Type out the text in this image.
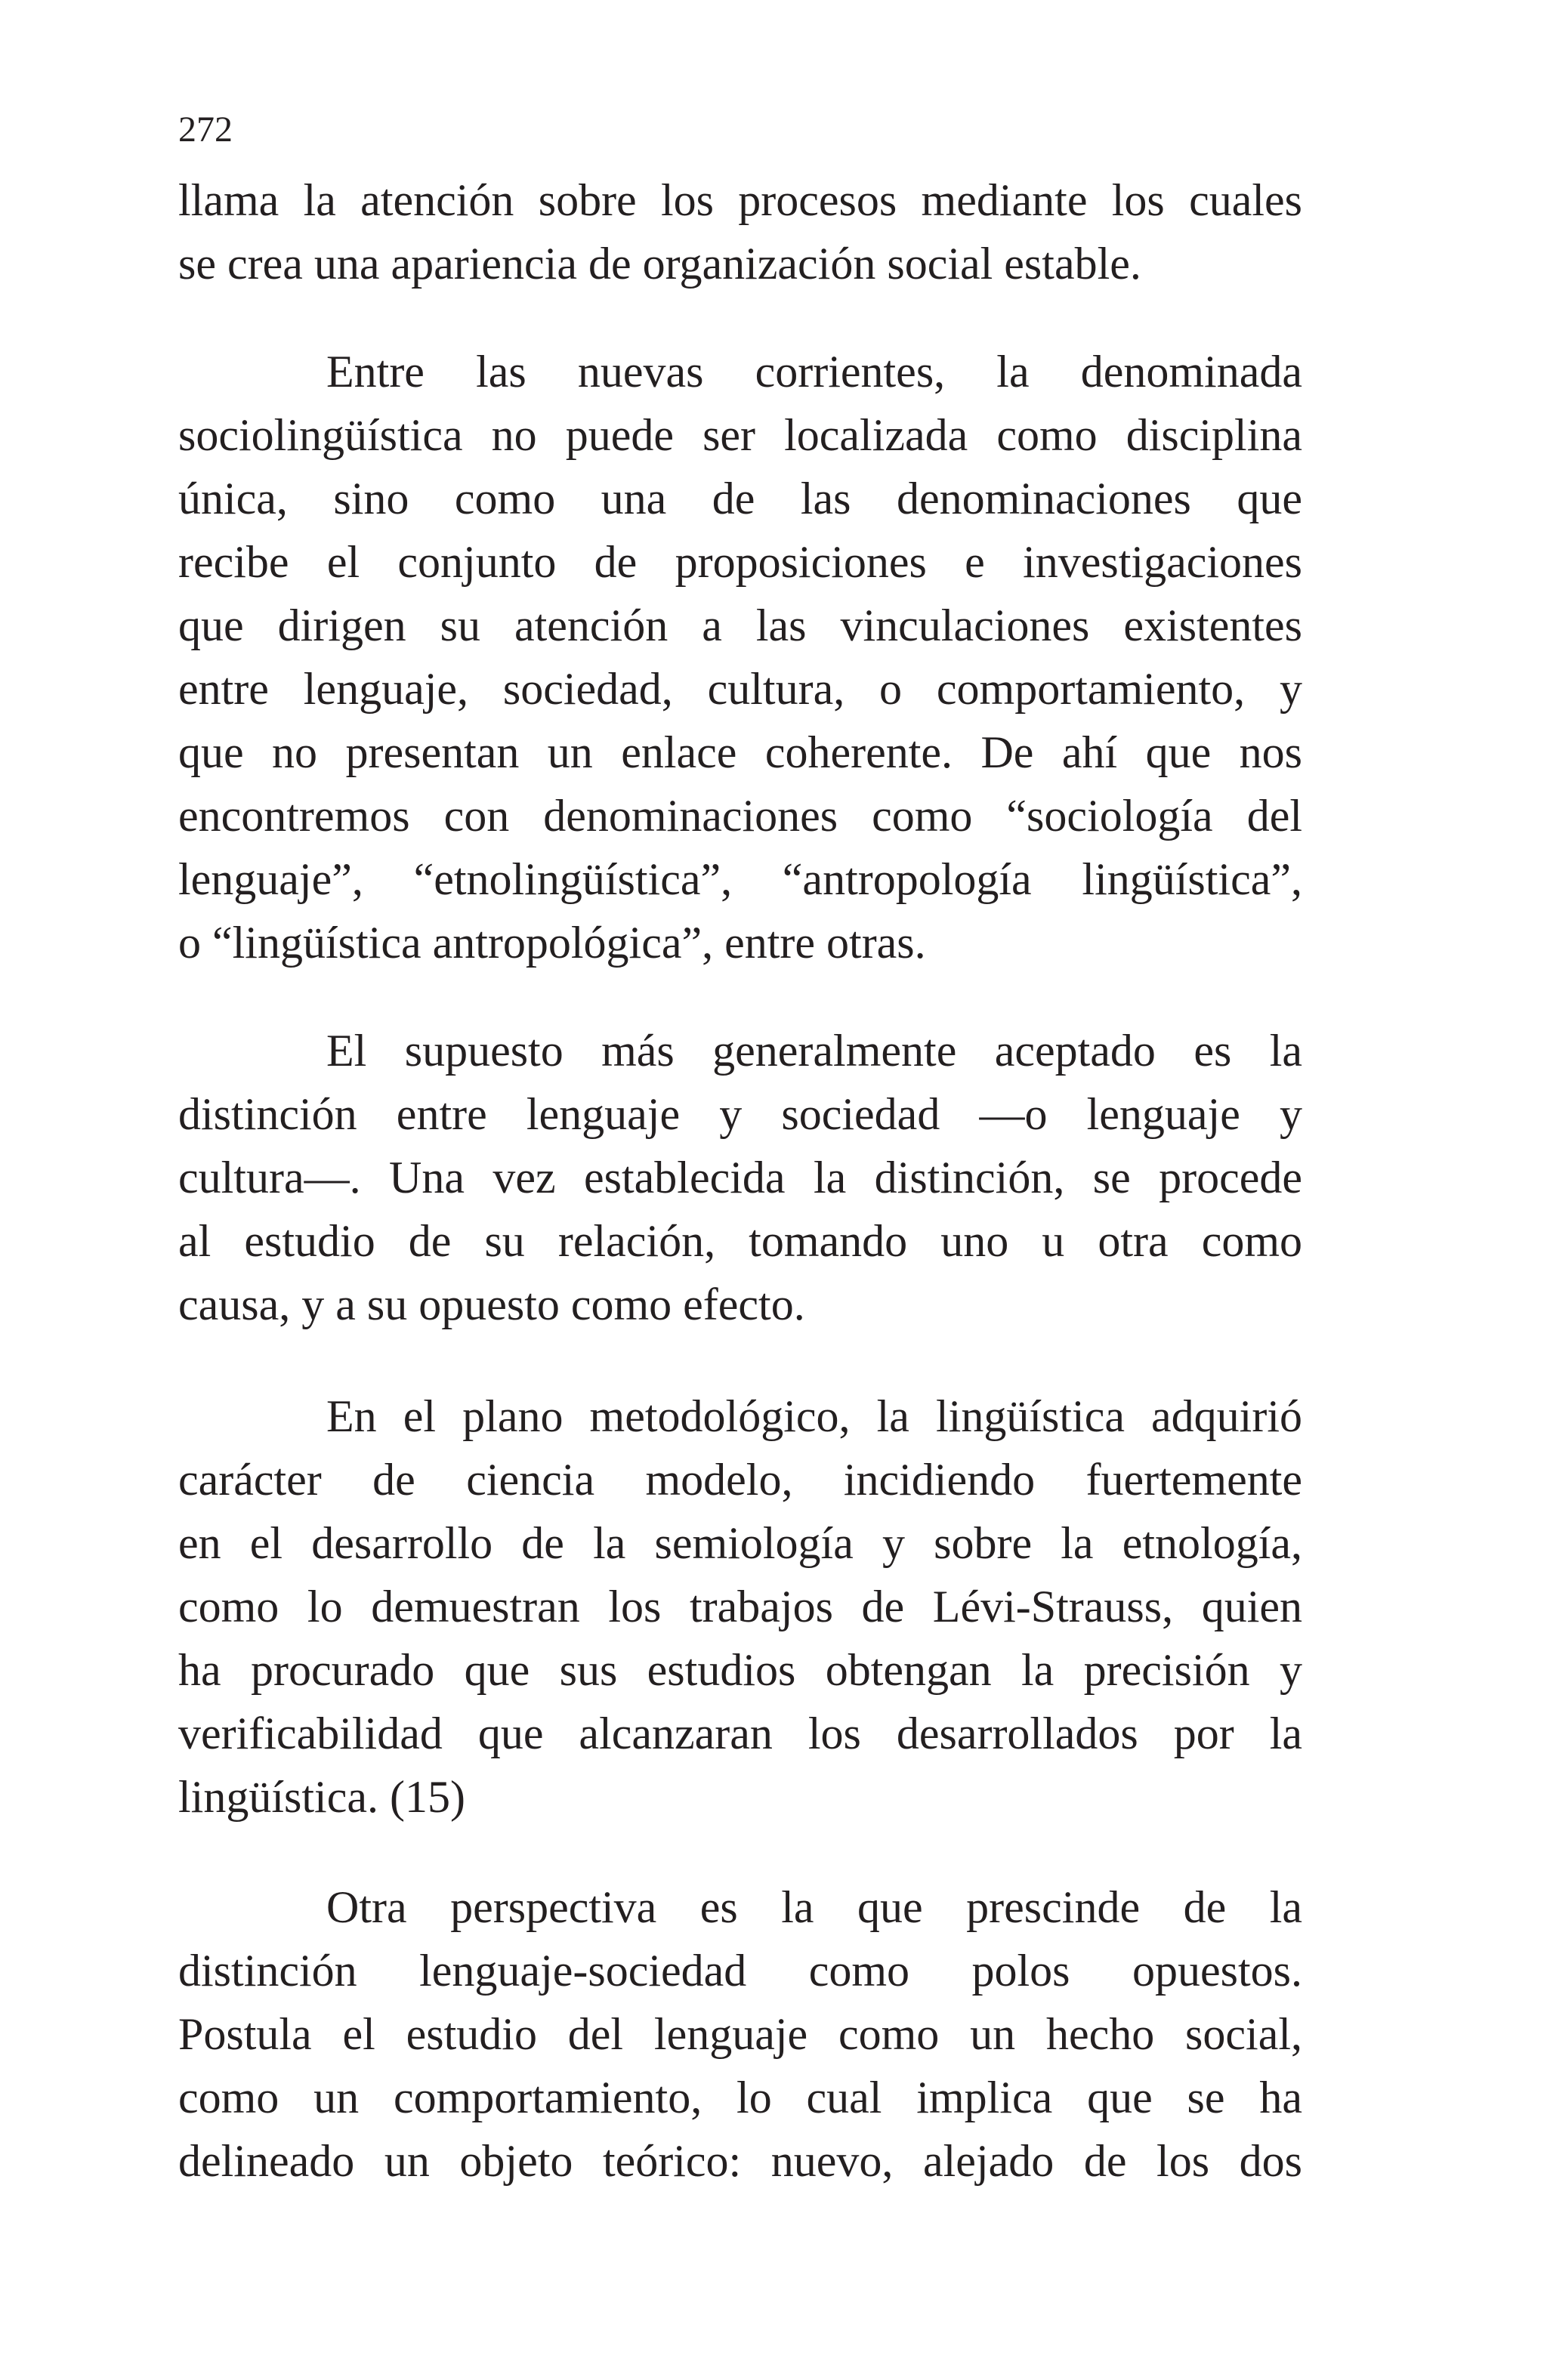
272
llama la atención sobre los procesos mediante los cuales
se crea una apariencia de organización social estable.
Entre las nuevas corrientes, la denominada
sociolingüística no puede ser localizada como disciplina
única, sino como una de las denominaciones que
recibe el conjunto de proposiciones e investigaciones
que dirigen su atención a las vinculaciones existentes
entre lenguaje, sociedad, cultura, o comportamiento, y
que no presentan un enlace coherente. De ahí que nos
encontremos con denominaciones como “sociología del
lenguaje”, “etnolingüística”, “antropología lingüística”,
o “lingüística antropológica”, entre otras.
El supuesto más generalmente aceptado es la
distinción entre lenguaje y sociedad —o lenguaje y
cultura—. Una vez establecida la distinción, se procede
al estudio de su relación, tomando uno u otra como
causa, y a su opuesto como efecto.
En el plano metodológico, la lingüística adquirió
carácter de ciencia modelo, incidiendo fuertemente
en el desarrollo de la semiología y sobre la etnología,
como lo demuestran los trabajos de Lévi-Strauss, quien
ha procurado que sus estudios obtengan la precisión y
verificabilidad que alcanzaran los desarrollados por la
lingüística. (15)
Otra perspectiva es la que prescinde de la
distinción lenguaje-sociedad como polos opuestos.
Postula el estudio del lenguaje como un hecho social,
como un comportamiento, lo cual implica que se ha
delineado un objeto teórico: nuevo, alejado de los dos
